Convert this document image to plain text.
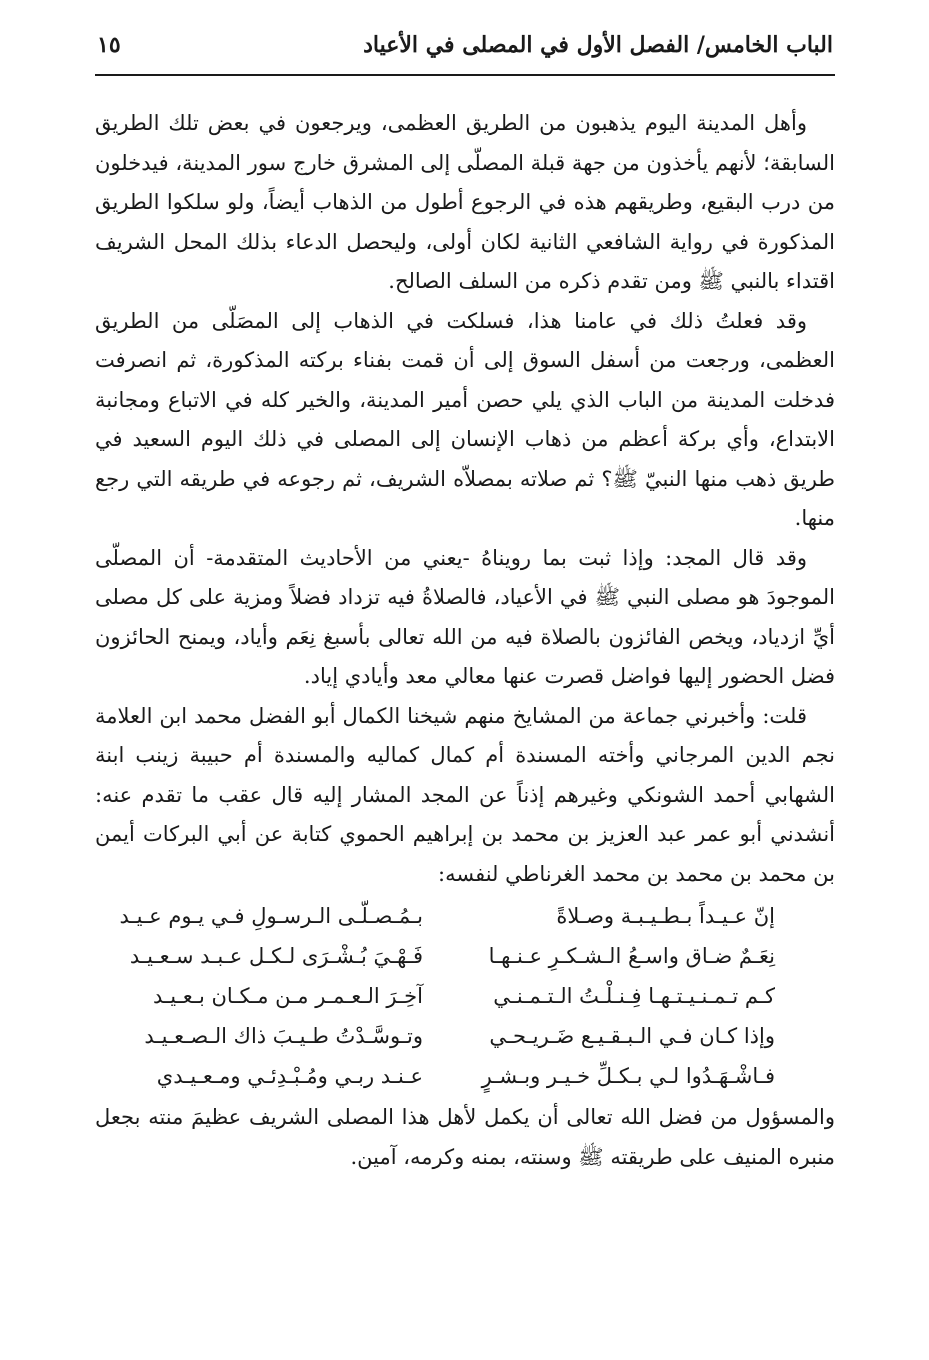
الباب الخامس/ الفصل الأول في المصلى في الأعياد
١٥

وأهل المدينة اليوم يذهبون من الطريق العظمى، ويرجعون في بعض تلك الطريق السابقة؛ لأنهم يأخذون من جهة قبلة المصلّى إلى المشرق خارج سور المدينة، فيدخلون من درب البقيع، وطريقهم هذه في الرجوع أطول من الذهاب أيضاً، ولو سلكوا الطريق المذكورة في رواية الشافعي الثانية لكان أولى، وليحصل الدعاء بذلك المحل الشريف اقتداء بالنبي ﷺ ومن تقدم ذكره من السلف الصالح.

وقد فعلتُ ذلك في عامنا هذا، فسلكت في الذهاب إلى المصَلّى من الطريق العظمى، ورجعت من أسفل السوق إلى أن قمت بفناء بركته المذكورة، ثم انصرفت فدخلت المدينة من الباب الذي يلي حصن أمير المدينة، والخير كله في الاتباع ومجانبة الابتداع، وأي بركة أعظم من ذهاب الإنسان إلى المصلى في ذلك اليوم السعيد في طريق ذهب منها النبيّ ﷺ؟ ثم صلاته بمصلاّه الشريف، ثم رجوعه في طريقه التي رجع منها.

وقد قال المجد: وإذا ثبت بما رويناهُ -يعني من الأحاديث المتقدمة- أن المصلّى الموجودَ هو مصلى النبي ﷺ في الأعياد، فالصلاةُ فيه تزداد فضلاً ومزية على كل مصلى أيِّ ازدياد، ويخص الفائزون بالصلاة فيه من الله تعالى بأسبغ نِعَم وأياد، ويمنح الحائزون فضل الحضور إليها فواضل قصرت عنها معالي معد وأيادي إياد.

قلت: وأخبرني جماعة من المشايخ منهم شيخنا الكمال أبو الفضل محمد ابن العلامة نجم الدين المرجاني وأخته المسندة أم كمال كماليه والمسندة أم حبيبة زينب ابنة الشهابي أحمد الشونكي وغيرهم إذناً عن المجد المشار إليه قال عقب ما تقدم عنه: أنشدني أبو عمر عبد العزيز بن محمد بن إبراهيم الحموي كتابة عن أبي البركات أيمن بن محمد بن محمد بن محمد الغرناطي لنفسه:

إنّ عـيـداً بـطـيـبـة وصـلاةً
بـمُـصـلّـى الـرسـولِ فـي يـوم عـيـد
نِعَـمٌ ضـاق واسـعُ الـشـكـرِ عـنـهـا
فَـهْـيَ بُـشْـرَى لـكـل عـبـد سـعـيـد
كـم تـمـنـيـتـهـا فِـنـلْـتُ الـتـمـنـي
آخِـرَ الـعـمـر مـن مـكـان بـعـيـد
وإذا كـان فـي الـبـقـيـع ضَـريـحـي
وتـوسَّـدْتُ طـيـبَ ذاك الـصـعـيـد
فـاشْـهَـدُوا لـي بـكـلِّ خـيـر وبـشـرٍ
عـنـد ربـي ومُـبْـدِئـي ومـعـيـدي

والمسؤول من فضل الله تعالى أن يكمل لأهل هذا المصلى الشريف عظيمَ منته بجعل منبره المنيف على طريقته ﷺ وسنته، بمنه وكرمه، آمين.
